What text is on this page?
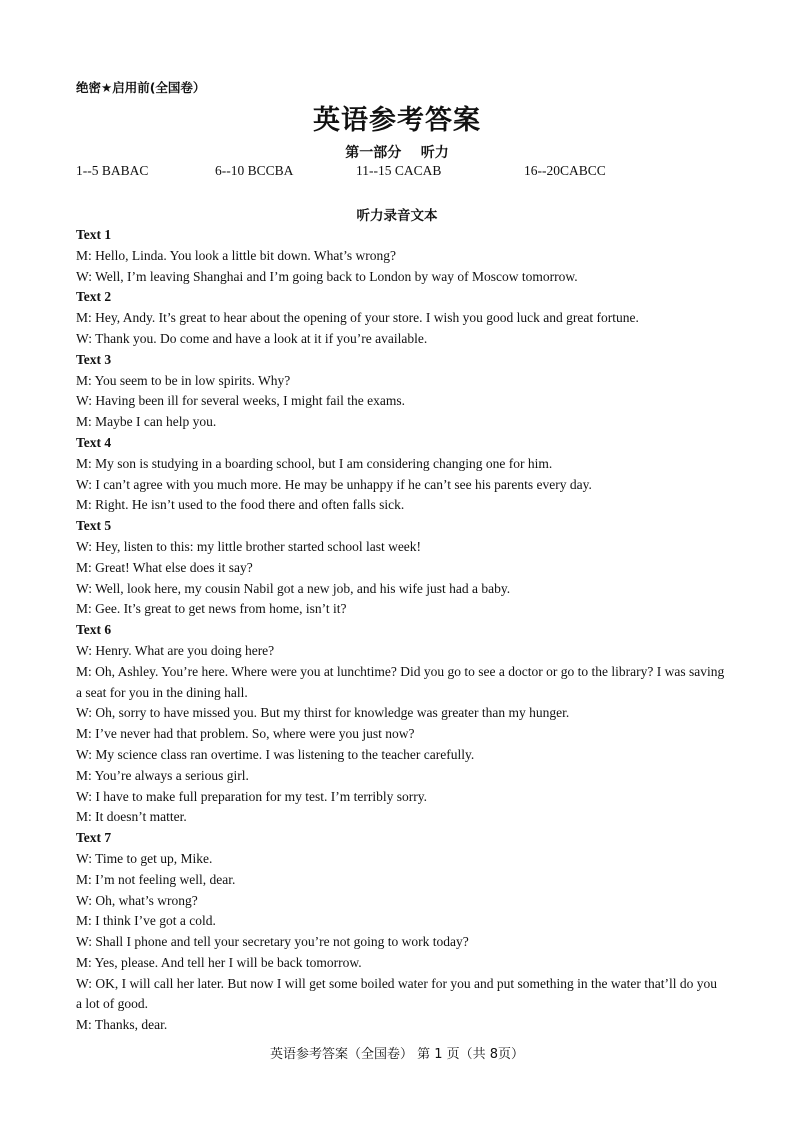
绝密★启用前(全国卷）
英语参考答案
第一部分    听力
1--5 BABAC	6--10 BCCBA	11--15 CACAB	16--20CABCC
听力录音文本

Text 1

M: Hello, Linda. You look a little bit down. What’s wrong?

W: Well, I’m leaving Shanghai and I’m going back to London by way of Moscow tomorrow.

Text 2

M: Hey, Andy. It’s great to hear about the opening of your store. I wish you good luck and great fortune.

W: Thank you. Do come and have a look at it if you’re available.

Text 3

M: You seem to be in low spirits. Why?

W: Having been ill for several weeks, I might fail the exams.

M: Maybe I can help you.

Text 4

M: My son is studying in a boarding school, but I am considering changing one for him.

W: I can’t agree with you much more. He may be unhappy if he can’t see his parents every day.

M: Right. He isn’t used to the food there and often falls sick.

Text 5

W: Hey, listen to this: my little brother started school last week!

M: Great! What else does it say?

W: Well, look here, my cousin Nabil got a new job, and his wife just had a baby.

M: Gee. It’s great to get news from home, isn’t it?

Text 6

W: Henry. What are you doing here?

M: Oh, Ashley. You’re here. Where were you at lunchtime? Did you go to see a doctor or go to the library? I was saving a seat for you in the dining hall.

W: Oh, sorry to have missed you. But my thirst for knowledge was greater than my hunger.

M: I’ve never had that problem. So, where were you just now?

W: My science class ran overtime. I was listening to the teacher carefully.

M: You’re always a serious girl.

W: I have to make full preparation for my test. I’m terribly sorry.

M: It doesn’t matter.

Text 7

W: Time to get up, Mike.

M: I’m not feeling well, dear.

W: Oh, what’s wrong?

M: I think I’ve got a cold.

W: Shall I phone and tell your secretary you’re not going to work today?

M: Yes, please. And tell her I will be back tomorrow.

W: OK, I will call her later. But now I will get some boiled water for you and put something in the water that’ll do you a lot of good.

M: Thanks, dear.

英语参考答案（全国卷） 第 1 页（共 8页）
